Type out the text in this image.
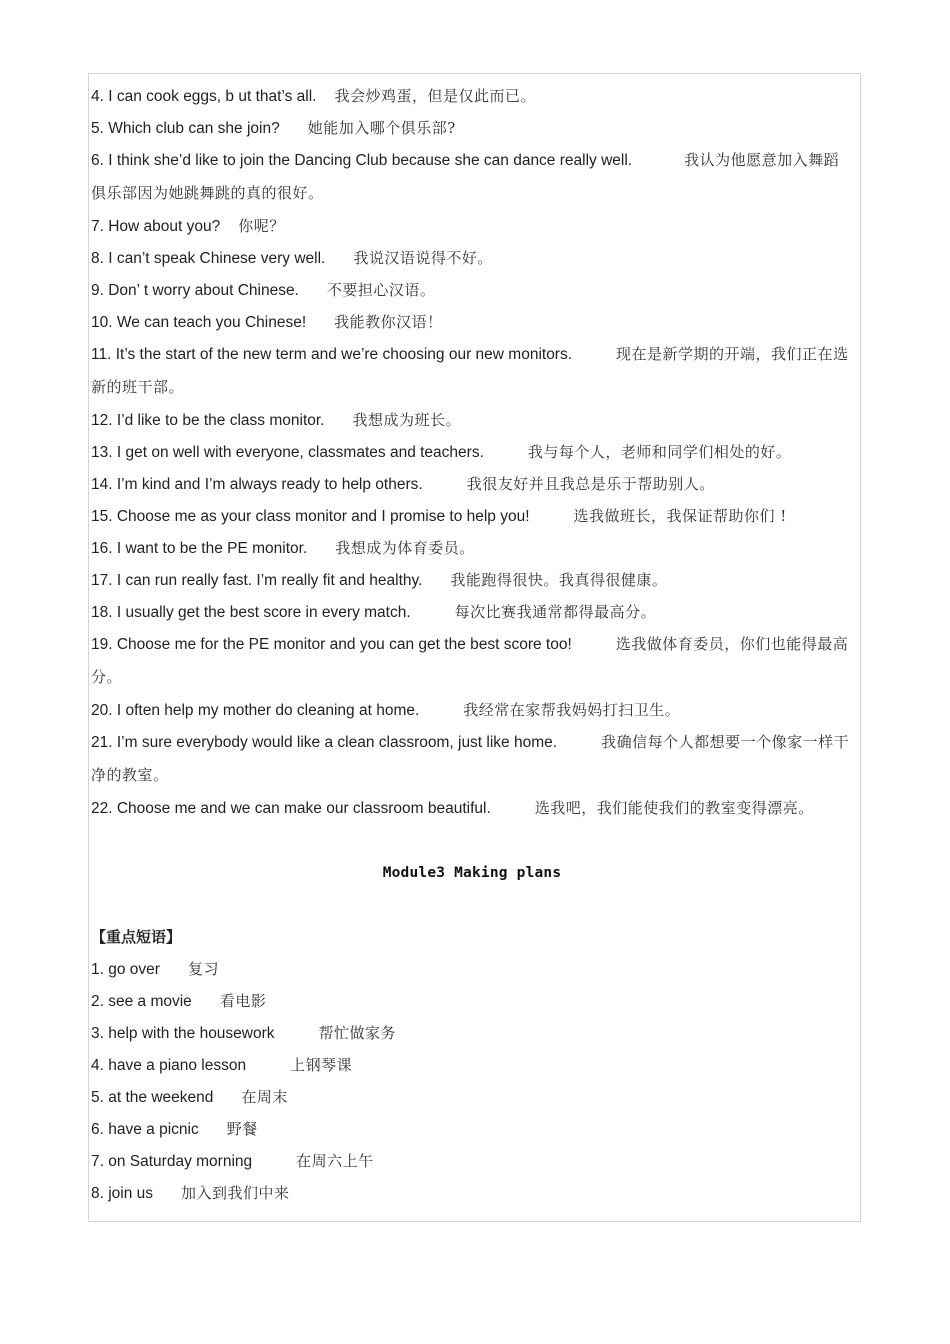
4. I can cook eggs, b ut that’s all. 我会炒鸡蛋，但是仅此而已。
5. Which club can she join? 她能加入哪个俱乐部?
6. I think she’d like to join the Dancing Club because she can dance really well.	我认为他愿意加入舞蹈俱乐部因为她跳舞跳的真的很好。
7. How about you? 你呢？
8. I can’t speak Chinese very well. 我说汉语说得不好。
9. Don’ t worry about Chinese. 不要担心汉语。
10. We can teach you Chinese! 我能教你汉语！
11. It’s the start of the new term and we’re choosing our new monitors.	现在是新学期的开端，我们正在选新的班干部。
12. I’d like to be the class monitor. 我想成为班长。
13. I get on well with everyone, classmates and teachers.	我与每个人，老师和同学们相处的好。
14. I’m kind and I’m always ready to help others.	我很友好并且我总是乐于帮助别人。
15. Choose me as your class monitor and I promise to help you!	选我做班长，我保证帮助你们 !
16. I want to be the PE monitor. 我想成为体育委员。
17. I can run really fast. I’m really fit and healthy. 我能跑得很快。我真得很健康。
18. I usually get the best score in every match.	每次比赛我通常都得最高分。
19. Choose me for the PE monitor and you can get the best score too!	选我做体育委员，你们也能得最高分。
20. I often help my mother do cleaning at home.	我经常在家帮我妈妈打扫卫生。
21. I’m sure everybody would like a clean classroom, just like home.	我确信每个人都想要一个像家一样干净的教室。
22. Choose me and we can make our classroom beautiful.	选我吧，我们能使我们的教室变得漂亮。
Module3 Making plans
【重点短语】
1. go over 复习
2. see a movie 看电影
3. help with the housework	帮忙做家务
4. have a piano lesson	上钢琴课
5. at the weekend 在周末
6. have a picnic 野餐
7. on Saturday morning	在周六上午
8. join us 加入到我们中来
